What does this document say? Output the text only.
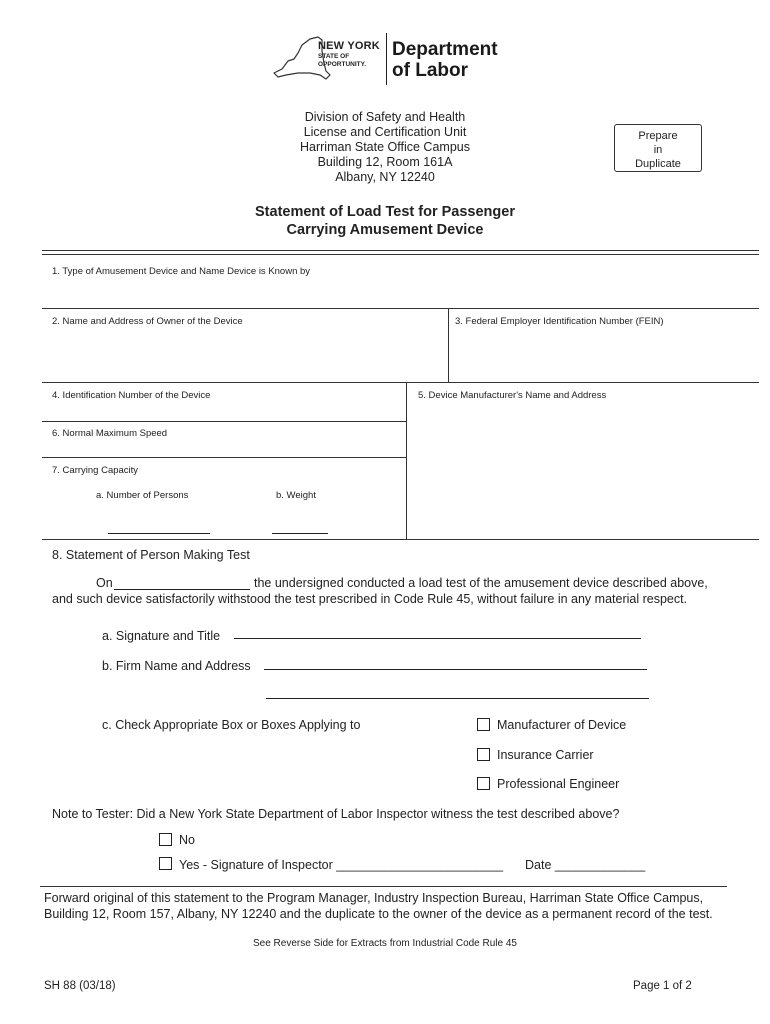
NEW YORK
STATE OF
OPPORTUNITY.
Department
of Labor
Division of Safety and Health
License and Certification Unit
Harriman State Office Campus
Building 12, Room 161A
Albany, NY 12240
Prepare
in
Duplicate
Statement of Load Test for Passenger
Carrying Amusement Device
1. Type of Amusement Device and Name Device is Known by
2. Name and Address of Owner of the Device	3. Federal Employer Identification Number (FEIN)
4. Identification Number of the Device	5. Device Manufacturer's Name and Address
6. Normal Maximum Speed
7. Carrying Capacity
a. Number of Persons	b. Weight
8. Statement of Person Making Test
On	the undersigned conducted a load test of the amusement device described above,
and such device satisfactorily withstood the test prescribed in Code Rule 45, without failure in any material respect.
a. Signature and Title
b. Firm Name and Address
c. Check Appropriate Box or Boxes Applying to	Manufacturer of Device
Insurance Carrier
Professional Engineer
Note to Tester: Did a New York State Department of Labor Inspector witness the test described above?
No
Yes - Signature of Inspector ________________________ Date _____________
Forward original of this statement to the Program Manager, Industry Inspection Bureau, Harriman State Office Campus,
Building 12, Room 157, Albany, NY 12240 and the duplicate to the owner of the device as a permanent record of the test.
See Reverse Side for Extracts from Industrial Code Rule 45
SH 88 (03/18)	Page 1 of 2
